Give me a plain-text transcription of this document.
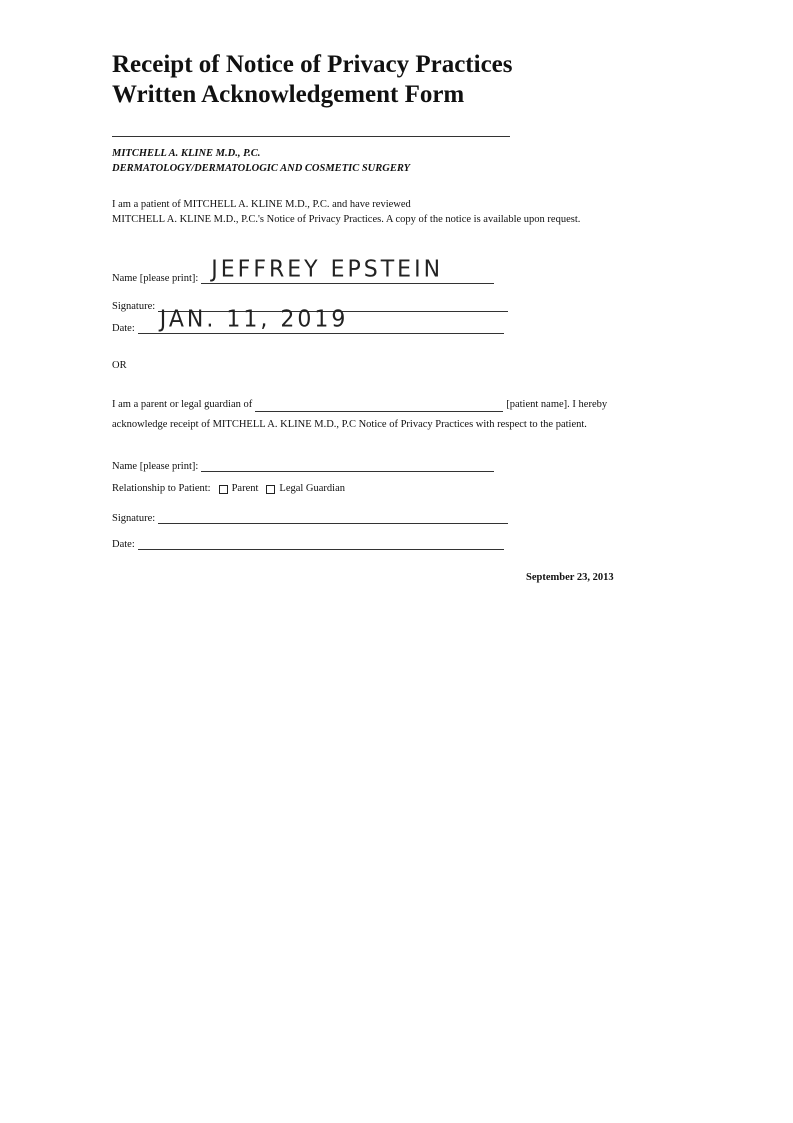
Receipt of Notice of Privacy Practices
Written Acknowledgement Form
MITCHELL A. KLINE M.D., P.C.
DERMATOLOGY/DERMATOLOGIC AND COSMETIC SURGERY
I am a patient of MITCHELL A. KLINE M.D., P.C. and have reviewed
MITCHELL A. KLINE M.D., P.C.'s Notice of Privacy Practices. A copy of the notice is available upon request.
Name [please print]: JEFFREY EPSTEIN
Signature:
Date: JAN. 11, 2019
OR
I am a parent or legal guardian of	[patient name]. I hereby
acknowledge receipt of MITCHELL A. KLINE M.D., P.C Notice of Privacy Practices with respect to the patient.
Name [please print]:
Relationship to Patient: Parent Legal Guardian
Signature:
Date:
September 23, 2013
